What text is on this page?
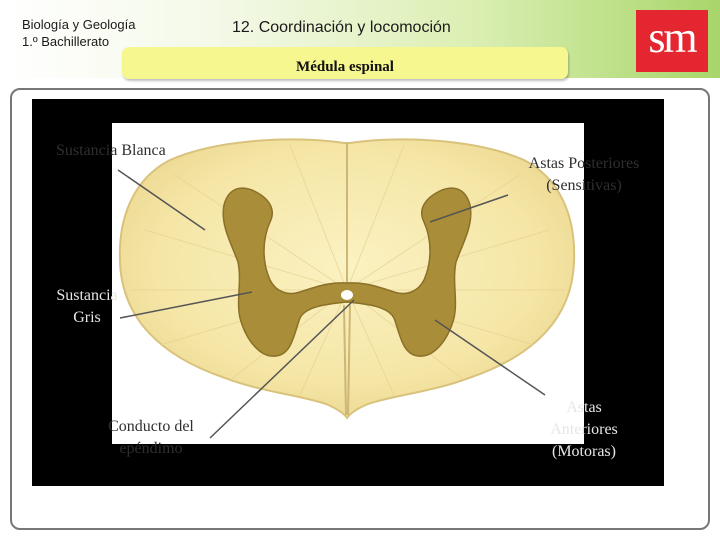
Biología y Geología
1.º Bachillerato
12. Coordinación y locomoción	sm
Médula espinal
Sustancia Blanca
Astas Posteriores
(Sensitivas)
Sustancia
Gris
Conducto del
epéndimo
Astas
Anteriores
(Motoras)
